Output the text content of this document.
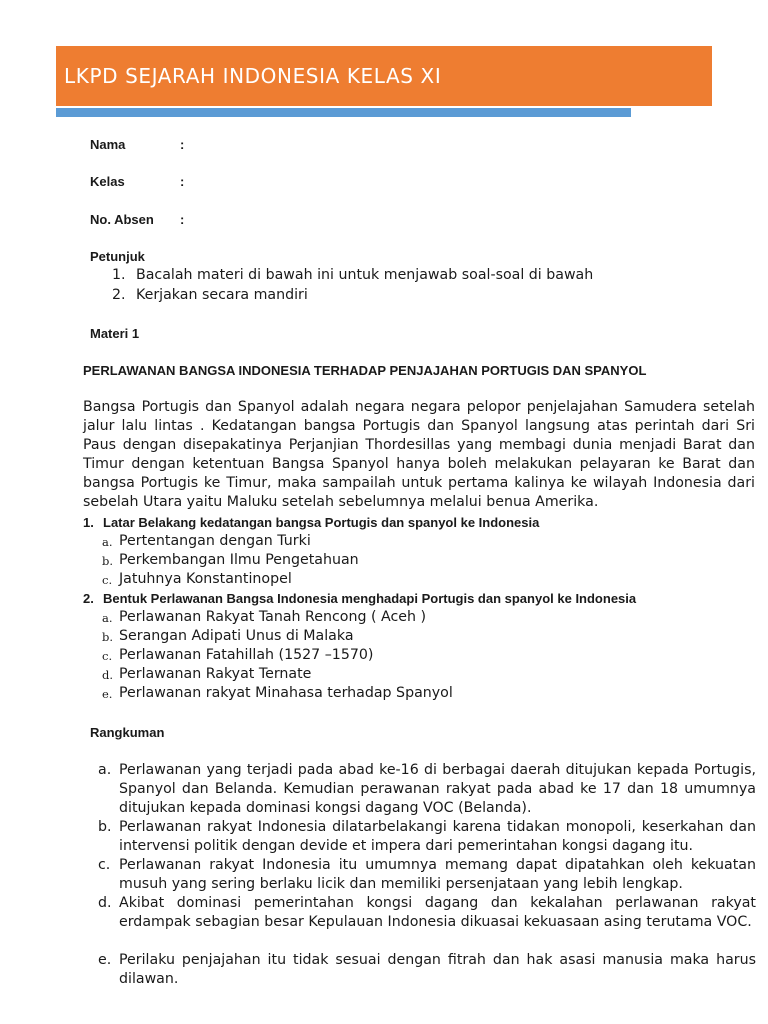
LKPD SEJARAH INDONESIA KELAS XI
Nama	:
Kelas	:
No. Absen :
Petunjuk
1. Bacalah materi di bawah ini untuk menjawab soal-soal di bawah
2. Kerjakan secara mandiri
Materi 1
PERLAWANAN BANGSA INDONESIA TERHADAP PENJAJAHAN PORTUGIS DAN SPANYOL
Bangsa Portugis dan Spanyol adalah negara negara pelopor penjelajahan Samudera setelah jalur lalu lintas . Kedatangan bangsa Portugis dan Spanyol langsung atas perintah dari Sri Paus dengan disepakatinya Perjanjian Thordesillas yang membagi dunia menjadi Barat dan Timur dengan ketentuan Bangsa Spanyol hanya boleh melakukan pelayaran ke Barat dan bangsa Portugis ke Timur, maka sampailah untuk pertama kalinya ke wilayah Indonesia dari sebelah Utara yaitu Maluku setelah sebelumnya melalui benua Amerika.
1. Latar Belakang kedatangan bangsa Portugis dan spanyol ke Indonesia
a. Pertentangan dengan Turki
b. Perkembangan Ilmu Pengetahuan
c. Jatuhnya Konstantinopel
2. Bentuk Perlawanan Bangsa Indonesia menghadapi Portugis dan spanyol ke Indonesia
a. Perlawanan Rakyat Tanah Rencong ( Aceh )
b. Serangan Adipati Unus di Malaka
c. Perlawanan Fatahillah (1527 –1570)
d. Perlawanan Rakyat Ternate
e. Perlawanan rakyat Minahasa terhadap Spanyol
Rangkuman
a. Perlawanan yang terjadi pada abad ke-16 di berbagai daerah ditujukan kepada Portugis, Spanyol dan Belanda. Kemudian perawanan rakyat pada abad ke 17 dan 18 umumnya ditujukan kepada dominasi kongsi dagang VOC (Belanda).
b. Perlawanan rakyat Indonesia dilatarbelakangi karena tidakan monopoli, keserkahan dan intervensi politik dengan devide et impera dari pemerintahan kongsi dagang itu.
c. Perlawanan rakyat Indonesia itu umumnya memang dapat dipatahkan oleh kekuatan musuh yang sering berlaku licik dan memiliki persenjataan yang lebih lengkap.
d. Akibat dominasi pemerintahan kongsi dagang dan kekalahan perlawanan rakyat erdampak sebagian besar Kepulauan Indonesia dikuasai kekuasaan asing terutama VOC.
e. Perilaku penjajahan itu tidak sesuai dengan fitrah dan hak asasi manusia maka harus dilawan.
